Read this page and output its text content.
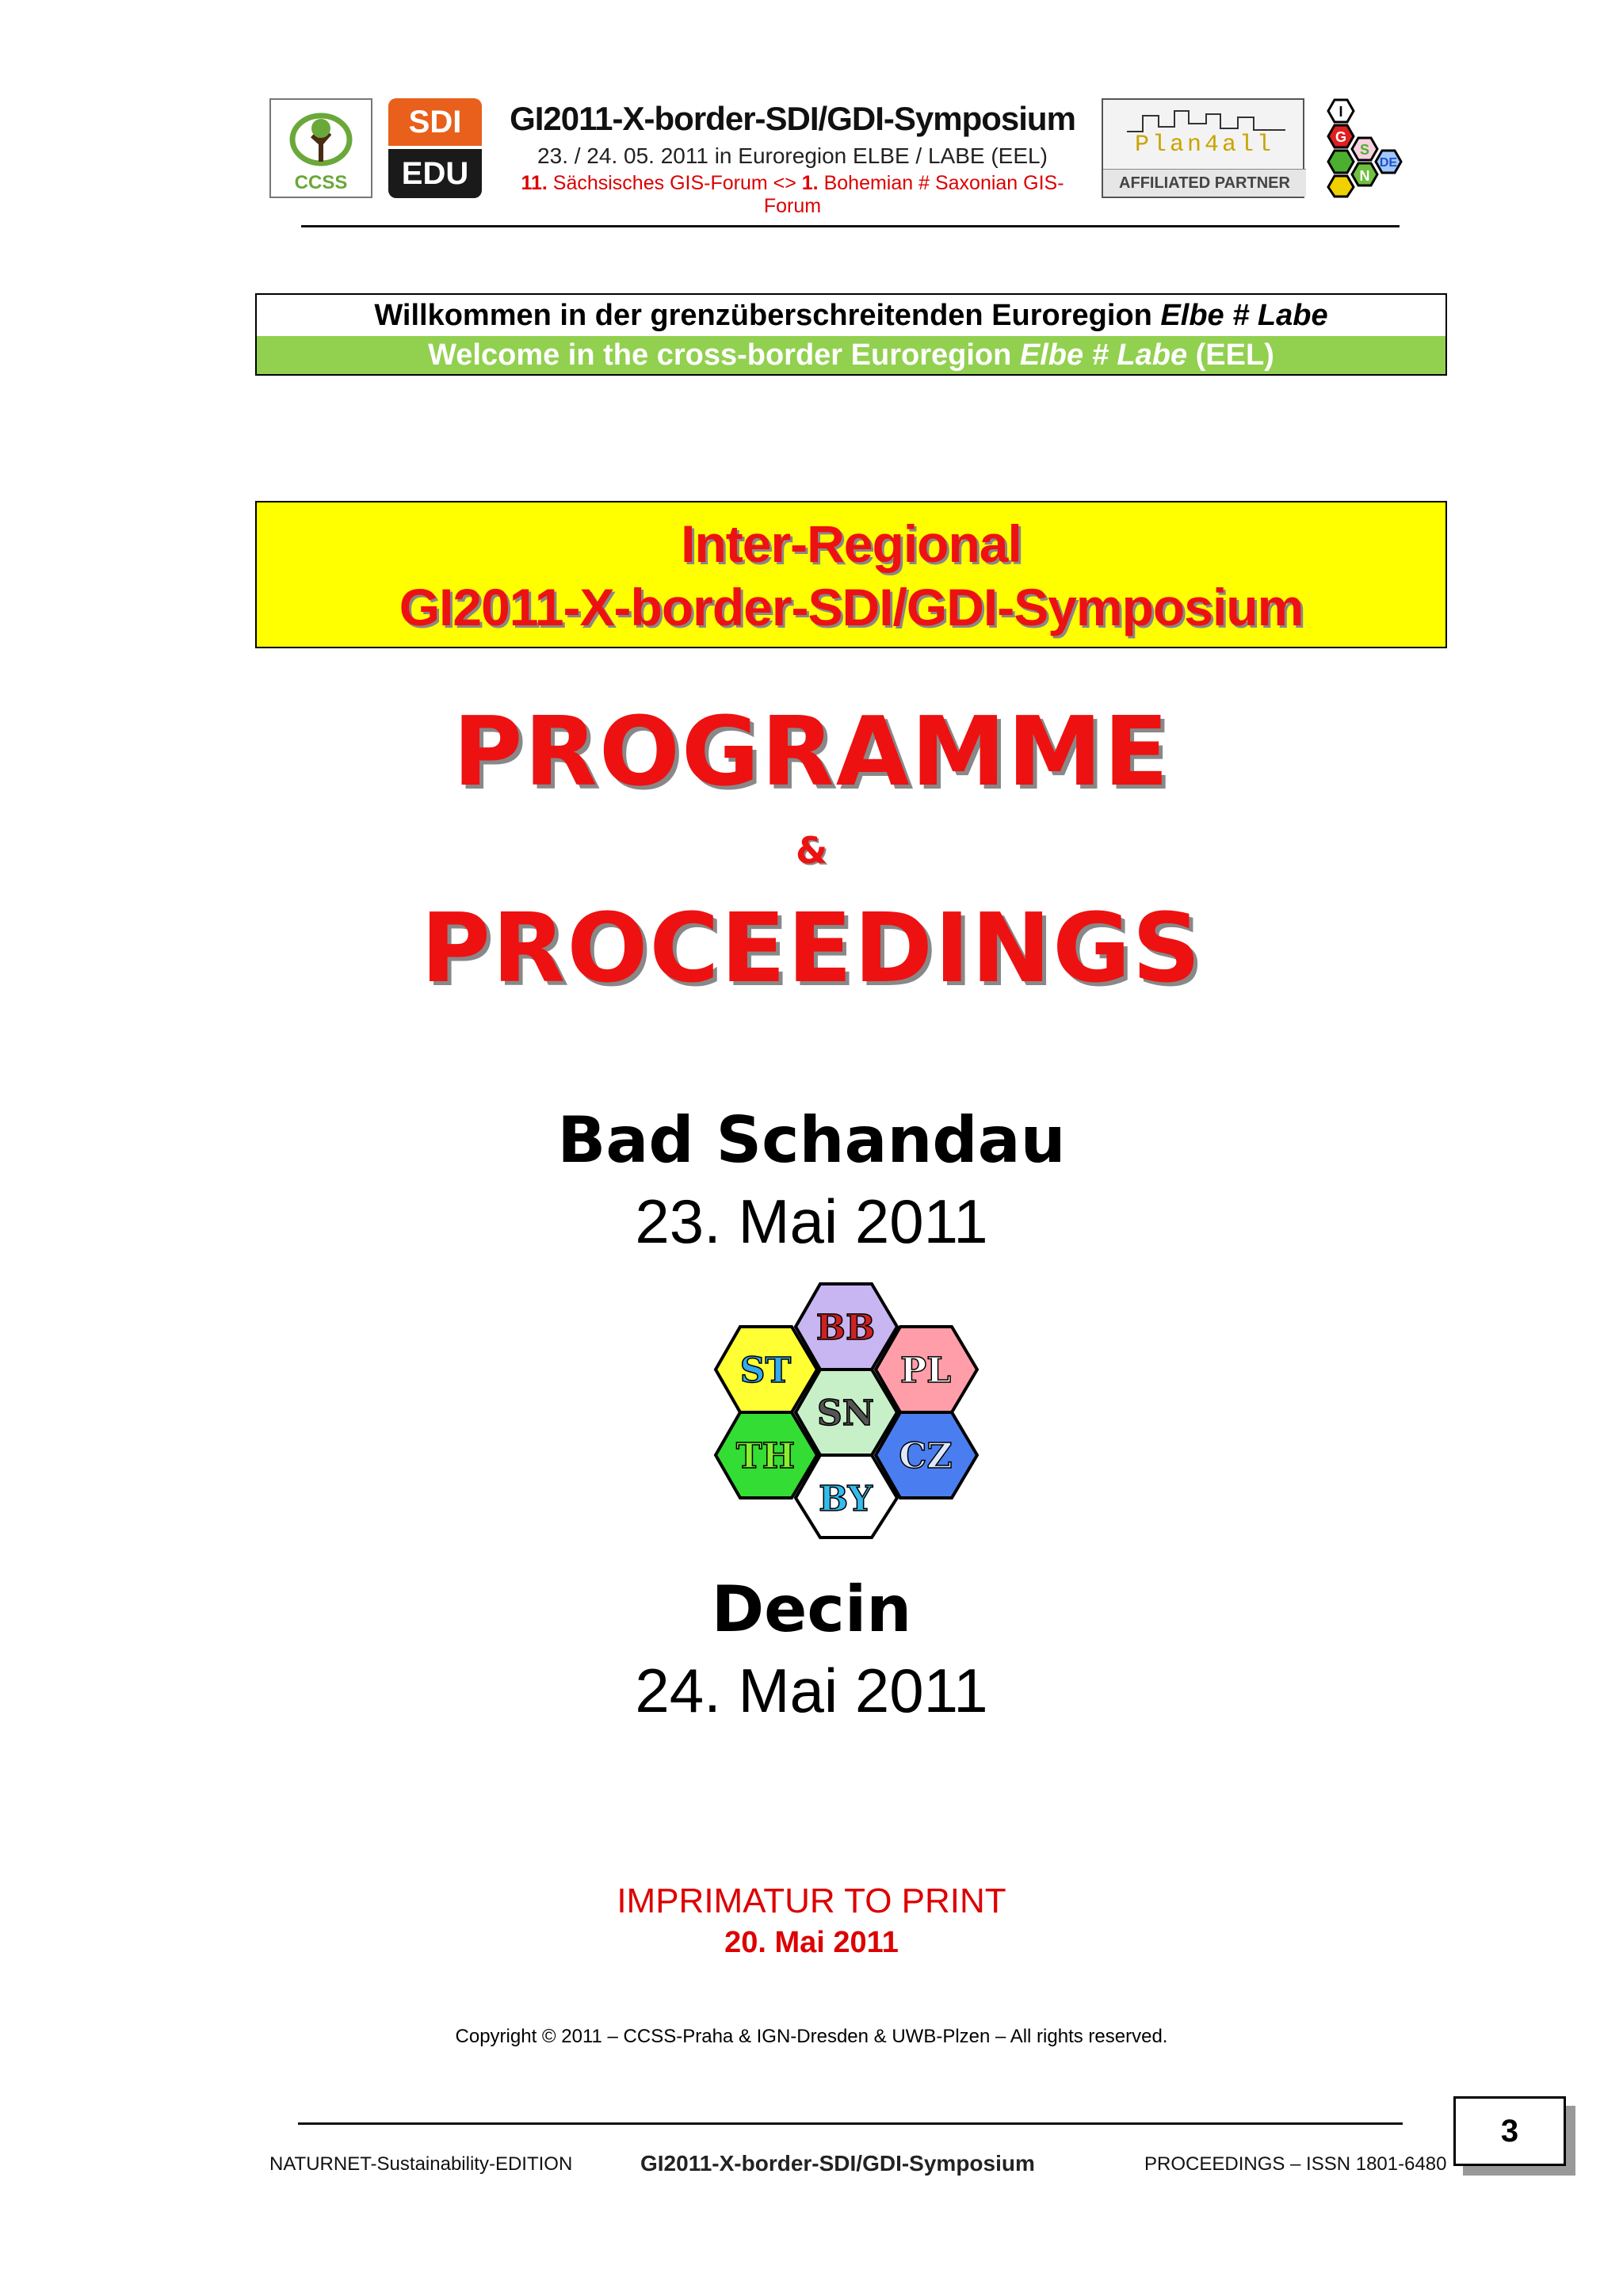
CCSS
SDI
EDU
GI2011-X-border-SDI/GDI-Symposium
23. / 24. 05. 2011 in Euroregion ELBE / LABE (EEL)
11. Sächsisches GIS-Forum <> 1. Bohemian # Saxonian GIS-Forum
Plan4all
AFFILIATED PARTNER
I
G
N
S
DE
Willkommen in der grenzüberschreitenden Euroregion Elbe # Labe
Welcome in the cross-border Euroregion Elbe # Labe (EEL)
Inter-Regional
GI2011-X-border-SDI/GDI-Symposium
PROGRAMME
&
PROCEEDINGS
Bad Schandau
23. Mai 2011
BB
ST	PL
SN
TH	CZ
BY
Decin
24. Mai 2011
IMPRIMATUR TO PRINT
20. Mai 2011
Copyright © 2011 – CCSS-Praha & IGN-Dresden & UWB-Plzen – All rights reserved.
NATURNET-Sustainability-EDITION	GI2011-X-border-SDI/GDI-Symposium	PROCEEDINGS – ISSN 1801-6480
3
